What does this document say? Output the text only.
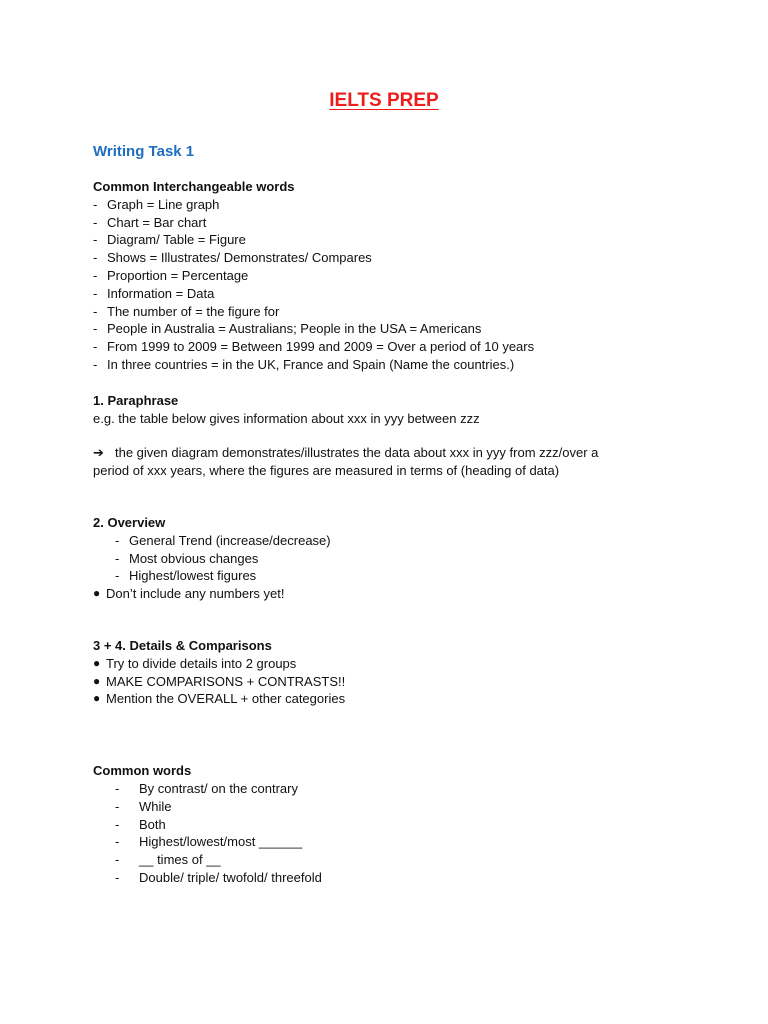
IELTS PREP
Writing Task 1
Common Interchangeable words
- Graph = Line graph
- Chart = Bar chart
- Diagram/ Table = Figure
- Shows = Illustrates/ Demonstrates/ Compares
- Proportion = Percentage
- Information = Data
- The number of = the figure for
- People in Australia = Australians; People in the USA = Americans
- From 1999 to 2009 = Between 1999 and 2009 = Over a period of 10 years
- In three countries = in the UK, France and Spain (Name the countries.)
1. Paraphrase
e.g. the table below gives information about xxx in yyy between zzz
➔ the given diagram demonstrates/illustrates the data about xxx in yyy from zzz/over a
period of xxx years, where the figures are measured in terms of (heading of data)
2. Overview
- General Trend (increase/decrease)
- Most obvious changes
- Highest/lowest figures
● Don’t include any numbers yet!
3 + 4. Details & Comparisons
● Try to divide details into 2 groups
● MAKE COMPARISONS + CONTRASTS!!
● Mention the OVERALL + other categories
Common words
-	By contrast/ on the contrary
-	While
-	Both
-	Highest/lowest/most ______
-	__ times of __
-	Double/ triple/ twofold/ threefold
